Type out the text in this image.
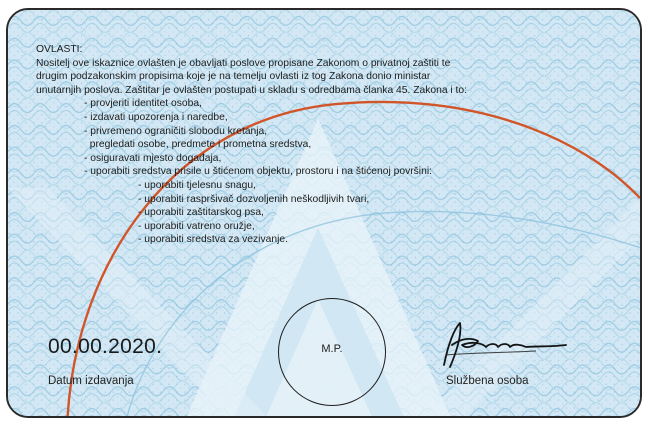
OVLASTI:
Nositelj ove iskaznice ovlašten je obavljati poslove propisane Zakonom o privatnoj zaštiti te
drugim podzakonskim propisima koje je na temelju ovlasti iz tog Zakona donio ministar
unutarnjih poslova. Zaštitar je ovlašten postupati u skladu s odredbama članka 45. Zakona i to:
- provjeriti identitet osoba,
- izdavati upozorenja i naredbe,
- privremeno ograničiti slobodu kretanja,
pregledati osobe, predmete i prometna sredstva,
- osiguravati mjesto događaja,
- uporabiti sredstva prisile u štićenom objektu, prostoru i na štićenoj površini:
- uporabiti tjelesnu snagu,
- uporabiti raspršivač dozvoljenih neškodljivih tvari,
- uporabiti zaštitarskog psa,
- uporabiti vatreno oružje,
- uporabiti sredstva za vezivanje.
00.00.2020.
Datum izdavanja
M.P.
Službena osoba
